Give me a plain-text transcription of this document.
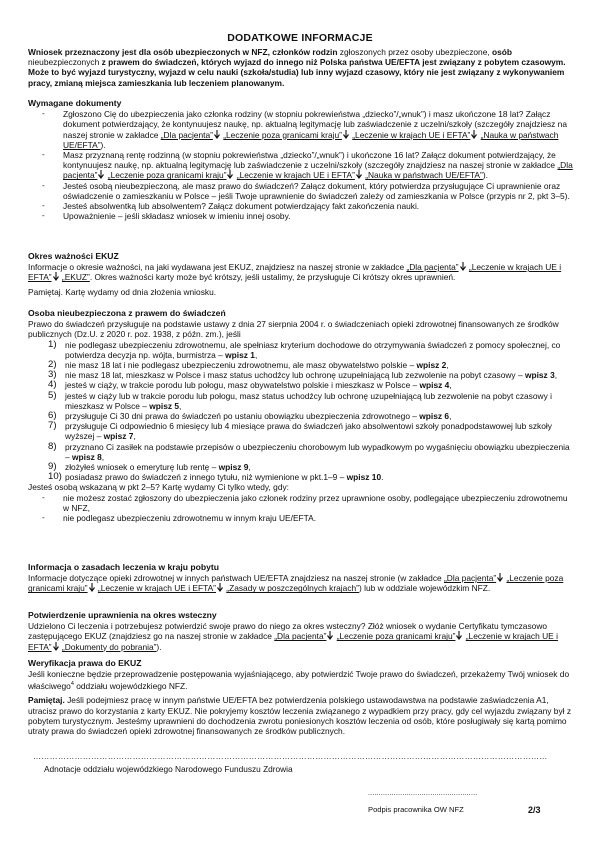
DODATKOWE INFORMACJE
Wniosek przeznaczony jest dla osób ubezpieczonych w NFZ, członków rodzin zgłoszonych przez osoby ubezpieczone, osób nieubezpieczonych z prawem do świadczeń, których wyjazd do innego niż Polska państwa UE/EFTA jest związany z pobytem czasowym. Może to być wyjazd turystyczny, wyjazd w celu nauki (szkoła/studia) lub inny wyjazd czasowy, który nie jest związany z wykonywaniem pracy, zmianą miejsca zamieszkania lub leczeniem planowanym.
Wymagane dokumenty
- Zgłoszono Cię do ubezpieczenia jako członka rodziny (w stopniu pokrewieństwa „dziecko”/„wnuk”) i masz ukończone 18 lat? Załącz dokument potwierdzający, że kontynuujesz naukę, np. aktualną legitymację lub zaświadczenie z uczelni/szkoły (szczegóły znajdziesz na naszej stronie w zakładce „Dla pacjenta” „Leczenie poza granicami kraju” „Leczenie w krajach UE i EFTA” „Nauka w państwach UE/EFTA”).
- Masz przyznaną rentę rodzinną (w stopniu pokrewieństwa „dziecko”/„wnuk”) i ukończone 16 lat? Załącz dokument potwierdzający, że kontynuujesz naukę, np. aktualną legitymację lub zaświadczenie z uczelni/szkoły (szczegóły znajdziesz na naszej stronie w zakładce „Dla pacjenta” „Leczenie poza granicami kraju” „Leczenie w krajach UE i EFTA” „Nauka w państwach UE/EFTA”).
- Jesteś osobą nieubezpieczoną, ale masz prawo do świadczeń? Załącz dokument, który potwierdza przysługujące Ci uprawnienie oraz oświadczenie o zamieszkaniu w Polsce – jeśli Twoje uprawnienie do świadczeń zależy od zamieszkania w Polsce (przypis nr 2, pkt 3–5).
- Jesteś absolwentką lub absolwentem? Załącz dokument potwierdzający fakt zakończenia nauki.
- Upoważnienie – jeśli składasz wniosek w imieniu innej osoby.
Okres ważności EKUZ

Informacje o okresie ważności, na jaki wydawana jest EKUZ, znajdziesz na naszej stronie w zakładce „Dla pacjenta” „Leczenie w krajach UE i EFTA” „EKUZ”. Okres ważności karty może być krótszy, jeśli ustalimy, że przysługuje Ci krótszy okres uprawnień.

Pamiętaj. Kartę wydamy od dnia złożenia wniosku.

Osoba nieubezpieczona z prawem do świadczeń

Prawo do świadczeń przysługuje na podstawie ustawy z dnia 27 sierpnia 2004 r. o świadczeniach opieki zdrowotnej finansowanych ze środków publicznych (Dz.U. z 2020 r. poz. 1938, z późn. zm.), jeśli

1) nie podlegasz ubezpieczeniu zdrowotnemu, ale spełniasz kryterium dochodowe do otrzymywania świadczeń z pomocy społecznej, co potwierdza decyzja np. wójta, burmistrza – wpisz 1,
2) nie masz 18 lat i nie podlegasz ubezpieczeniu zdrowotnemu, ale masz obywatelstwo polskie – wpisz 2,
3) nie masz 18 lat, mieszkasz w Polsce i masz status uchodźcy lub ochronę uzupełniającą lub zezwolenie na pobyt czasowy – wpisz 3,
4) jesteś w ciąży, w trakcie porodu lub połogu, masz obywatelstwo polskie i mieszkasz w Polsce – wpisz 4,
5) jesteś w ciąży lub w trakcie porodu lub połogu, masz status uchodźcy lub ochronę uzupełniającą lub zezwolenie na pobyt czasowy i mieszkasz w Polsce – wpisz 5,
6) przysługuje Ci 30 dni prawa do świadczeń po ustaniu obowiązku ubezpieczenia zdrowotnego – wpisz 6,
7) przysługuje Ci odpowiednio 6 miesięcy lub 4 miesiące prawa do świadczeń jako absolwentowi szkoły ponadpodstawowej lub szkoły wyższej – wpisz 7,
8) przyznano Ci zasiłek na podstawie przepisów o ubezpieczeniu chorobowym lub wypadkowym po wygaśnięciu obowiązku ubezpieczenia – wpisz 8,
9) złożyłeś wniosek o emeryturę lub rentę – wpisz 9,
10) posiadasz prawo do świadczeń z innego tytułu, niż wymienione w pkt.1–9 – wpisz 10.

Jesteś osobą wskazaną w pkt 2–5? Kartę wydamy Ci tylko wtedy, gdy:

- nie możesz zostać zgłoszony do ubezpieczenia jako członek rodziny przez uprawnione osoby, podlegające ubezpieczeniu zdrowotnemu w NFZ,
- nie podlegasz ubezpieczeniu zdrowotnemu w innym kraju UE/EFTA.
Informacja o zasadach leczenia w kraju pobytu

Informacje dotyczące opieki zdrowotnej w innych państwach UE/EFTA znajdziesz na naszej stronie (w zakładce „Dla pacjenta” „Leczenie poza granicami kraju” „Leczenie w krajach UE i EFTA” „Zasady w poszczególnych krajach”) lub w oddziale wojewódzkim NFZ.

Potwierdzenie uprawnienia na okres wsteczny

Udzielono Ci leczenia i potrzebujesz potwierdzić swoje prawo do niego za okres wsteczny? Złóż wniosek o wydanie Certyfikatu tymczasowo zastępującego EKUZ (znajdziesz go na naszej stronie w zakładce „Dla pacjenta” „Leczenie poza granicami kraju” „Leczenie w krajach UE i EFTA” „Dokumenty do pobrania”).

Weryfikacja prawa do EKUZ

Jeśli konieczne będzie przeprowadzenie postępowania wyjaśniającego, aby potwierdzić Twoje prawo do świadczeń, przekażemy Twój wniosek do właściwego$^4$ oddziału wojewódzkiego NFZ.

Pamiętaj. Jeśli podejmiesz pracę w innym państwie UE/EFTA bez potwierdzenia polskiego ustawodawstwa na podstawie zaświadczenia A1, utracisz prawo do korzystania z karty EKUZ. Nie pokryjemy kosztów leczenia związanego z wypadkiem przy pracy, gdy cel wyjazdu związany był z pobytem turystycznym. Jesteśmy uprawnieni do dochodzenia zwrotu poniesionych kosztów leczenia od osób, które posługiwały się kartą pomimo utraty prawa do świadczeń opieki zdrowotnej finansowanych ze środków publicznych.

……………………………………………………………………………………………………………………………………………………………………
Adnotacje oddziału wojewódzkiego Narodowego Funduszu Zdrowia
...................................................
Podpis pracownika OW NFZ	2/3
